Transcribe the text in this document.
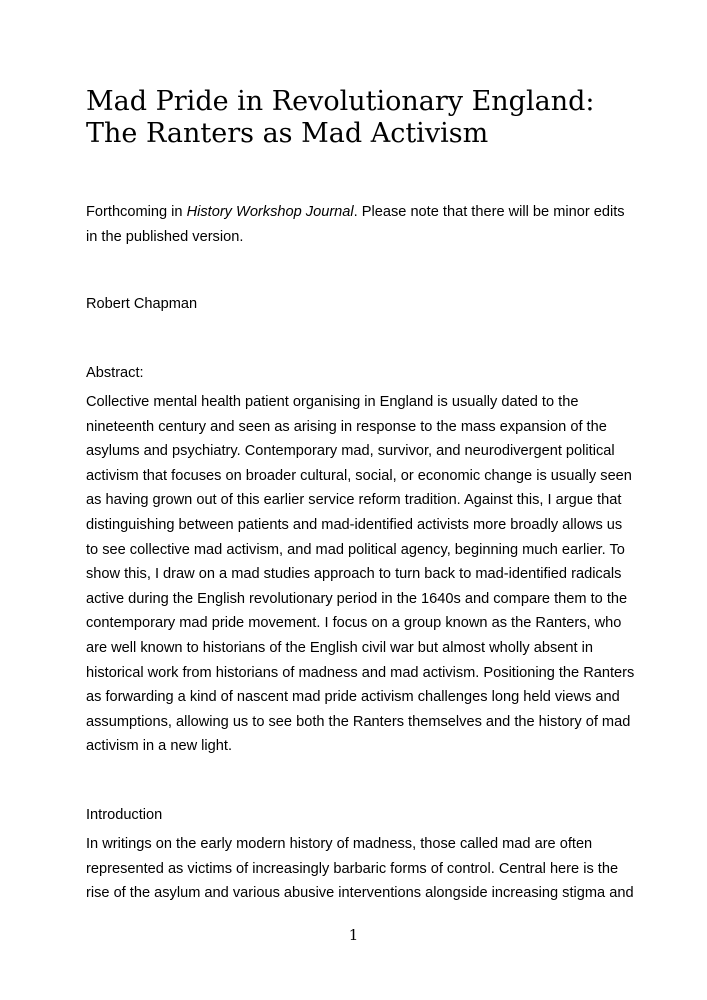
Mad Pride in Revolutionary England:
The Ranters as Mad Activism

Forthcoming in History Workshop Journal. Please note that there will be minor edits
in the published version.

Robert Chapman

Abstract:

Collective mental health patient organising in England is usually dated to the
nineteenth century and seen as arising in response to the mass expansion of the
asylums and psychiatry. Contemporary mad, survivor, and neurodivergent political
activism that focuses on broader cultural, social, or economic change is usually seen
as having grown out of this earlier service reform tradition. Against this, I argue that
distinguishing between patients and mad-identified activists more broadly allows us
to see collective mad activism, and mad political agency, beginning much earlier. To
show this, I draw on a mad studies approach to turn back to mad-identified radicals
active during the English revolutionary period in the 1640s and compare them to the
contemporary mad pride movement. I focus on a group known as the Ranters, who
are well known to historians of the English civil war but almost wholly absent in
historical work from historians of madness and mad activism. Positioning the Ranters
as forwarding a kind of nascent mad pride activism challenges long held views and
assumptions, allowing us to see both the Ranters themselves and the history of mad
activism in a new light.

Introduction

In writings on the early modern history of madness, those called mad are often
represented as victims of increasingly barbaric forms of control. Central here is the
rise of the asylum and various abusive interventions alongside increasing stigma and

1
